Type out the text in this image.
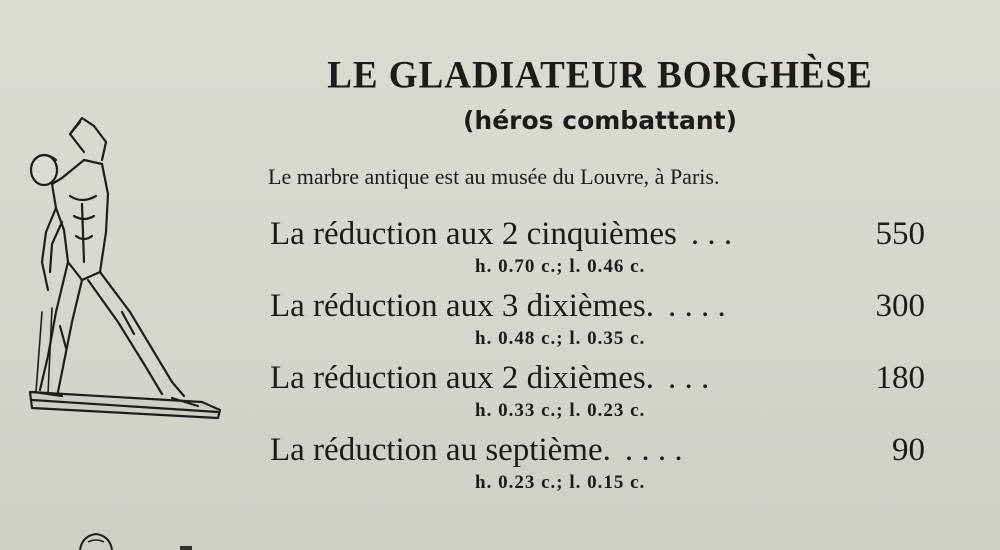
LE GLADIATEUR BORGHÈSE
(héros combattant)
Le marbre antique est au musée du Louvre, à Paris.
La réduction aux 2 cinquièmes . . .	550
h. 0.70 c.; l. 0.46 c.
La réduction aux 3 dixièmes. . . . .	300
h. 0.48 c.; l. 0.35 c.
La réduction aux 2 dixièmes. . . .	180
h. 0.33 c.; l. 0.23 c.
La réduction au septième. . . . .	90
h. 0.23 c.; l. 0.15 c.
